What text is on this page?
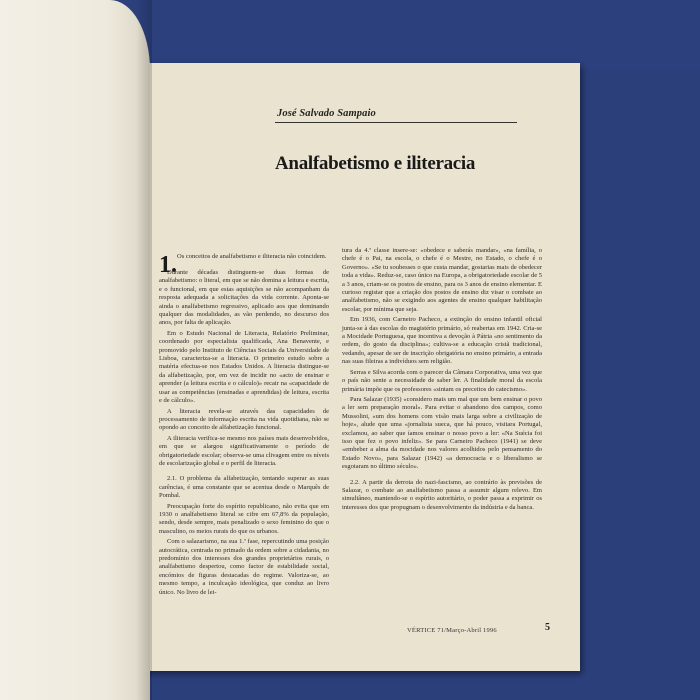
José Salvado Sampaio
Analfabetismo e iliteracia
1. Os conceitos de analfabetismo e iliteracia não coincidem.

Durante décadas distinguem-se duas formas de analfabetismo: o literal, em que se não domina a leitura e escrita, e o funcional, em que estas aquisições se não acompanham da resposta adequada a solicitações da vida corrente. Aponta-se ainda o analfabetismo regressivo, aplicado aos que dominando qualquer das modalidades, as vão perdendo, no descurso dos anos, por falta de aplicação.

Em o Estudo Nacional de Literacia, Relatório Preliminar, coordenado por especialista qualificada, Ana Benavente, e promovido pelo Instituto de Ciências Sociais da Universidade de Lisboa, caracteriza-se a literacia. O primeiro estudo sobre a matéria efectua-se nos Estados Unidos. A literacia distingue-se da alfabetização, por, em vez de incidir no «acto de ensinar e aprender (a leitura escrita e o cálculo)» recair na «capacidade de usar as competências (ensinadas e aprendidas) de leitura, escrita e de cálculo».

A literacia revela-se através das capacidades de processamento de informação escrita na vida quotidiana, não se opondo ao conceito de alfabetização funcional.

A iliteracia verifica-se mesmo nos países mais desenvolvidos, em que se alargou significativamente o período de obrigatoriedade escolar; observa-se uma clivagem entre os níveis de escolarização global e o perfil de literacia.

2.1. O problema da alfabetização, tentando superar as suas carências, é uma constante que se acentua desde o Marquês de Pombal.

Preocupação forte do espírito republicano, não evita que em 1930 o analfabetismo literal se cifre em 67,8% da população, sendo, desde sempre, mais penalizado o sexo feminino do que o masculino, os meios rurais do que os urbanos.

Com o salazarismo, na sua 1.ª fase, repercutindo uma posição autocrática, centrada no primado da ordem sobre a cidadania, no predomínio dos interesses dos grandes proprietários rurais, o analfabetismo despertou, como factor de estabilidade social, encómios de figuras destacadas do regime. Valoriza-se, ao mesmo tempo, a inculcação ideológica, que conduz ao livro único. No livro de lei-

tura da 4.ª classe insere-se: «obedece e saberás mandar», «na família, o chefe é o Pai, na escola, o chefe é o Mestre, no Estado, o chefe é o Governo». «Se tu soubesses o que custa mandar, gostarias mais de obedecer toda a vida». Reduz-se, caso único na Europa, a obrigatoriedade escolar de 5 a 3 anos, criam-se os postos de ensino, para os 3 anos de ensino elementar. E curioso registar que a criação dos postos de ensino diz visar o combate ao analfabetismo, não se exigindo aos agentes de ensino qualquer habilitação escolar, por mínima que seja.

Em 1936, com Carneiro Pacheco, a extinção do ensino infantil oficial junta-se à das escolas do magistério primário, só reabertas em 1942. Cria-se a Mocidade Portuguesa, que incentiva a devoção à Pátria «no sentimento da ordem, do gosto da disciplina»; cultiva-se a educação cristã tradicional, vedando, apesar de ser de inscrição obrigatória no ensino primário, a entrada nas suas fileiras a indivíduos sem religião.

Serras e Silva acorda com o parecer da Câmara Corporativa, uma vez que o país não sente a necessidade de saber ler. A finalidade moral da escola primária impõe que os professores «sintam os preceitos do catecismo».

Para Salazar (1935) «considero mais um mal que um bem ensinar o povo a ler sem preparação moral». Para evitar o abandono dos campos, como Mussolini, «um dos homens com visão mais larga sobre a civilização de hoje», alude que uma «jornalista sueca, que há pouco, visitara Portugal, exclamou, ao saber que íamos ensinar o nosso povo a ler: «Na Suécia foi isso que fez o povo infeliz». Se para Carneiro Pacheco (1941) se deve «embeber a alma da mocidade nos valores acolhidos pelo pensamento do Estado Novo», para Salazar (1942) «a democracia e o liberalismo se esgotaram no último século».

2.2. A partir da derrota do nazi-fascismo, ao contrário às previsões de Salazar, o combate ao analfabetismo passa a assumir algum relevo. Em simultâneo, mantendo-se o espírito autoritário, o poder passa a exprimir os interesses dos que propugnam o desenvolvimento da indústria e da banca.

VÉRTICE 71/Março-Abril 1996	5
